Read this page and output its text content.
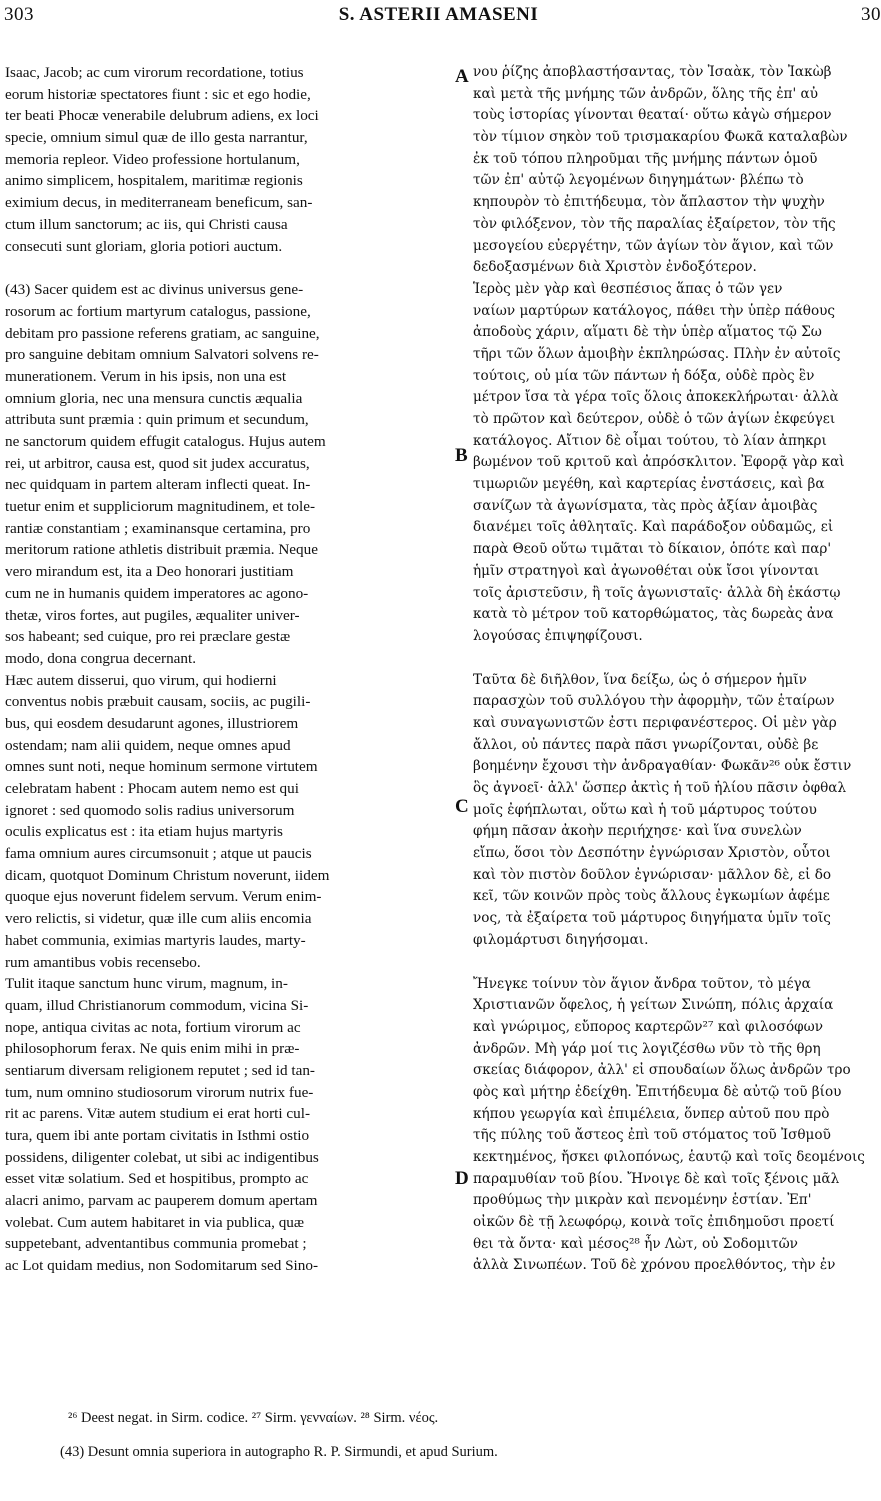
303	S. ASTERII AMASENI	30
Isaac, Jacob; ac cum virorum recordatione, totius
eorum historiæ spectatores fiunt : sic et ego hodie,
ter beati Phocæ venerabile delubrum adiens, ex loci
specie, omnium simul quæ de illo gesta narrantur,
memoria repleor. Video professione hortulanum,
animo simplicem, hospitalem, maritimæ regionis
eximium decus, in mediterraneam beneficum, san-
ctum illum sanctorum; ac iis, qui Christi causa
consecuti sunt gloriam, gloria potiori auctum.
(43) Sacer quidem est ac divinus universus gene-
rosorum ac fortium martyrum catalogus, passione,
debitam pro passione referens gratiam, ac sanguine,
pro sanguine debitam omnium Salvatori solvens re-
munerationem. Verum in his ipsis, non una est
omnium gloria, nec una mensura cunctis æqualia
attributa sunt præmia : quin primum et secundum,
ne sanctorum quidem effugit catalogus. Hujus autem
rei, ut arbitror, causa est, quod sit judex accuratus,
nec quidquam in partem alteram inflecti queat. In-
tuetur enim et suppliciorum magnitudinem, et tole-
rantiæ constantiam ; examinansque certamina, pro
meritorum ratione athletis distribuit præmia. Neque
vero mirandum est, ita a Deo honorari justitiam
cum ne in humanis quidem imperatores ac agono-
thetæ, viros fortes, aut pugiles, æqualiter univer-
sos habeant; sed cuique, pro rei præclare gestæ
modo, dona congrua decernant.
Hæc autem disserui, quo virum, qui hodierni
conventus nobis præbuit causam, sociis, ac pugili-
bus, qui eosdem desudarunt agones, illustriorem
ostendam; nam alii quidem, neque omnes apud
omnes sunt noti, neque hominum sermone virtutem
celebratam habent : Phocam autem nemo est qui
ignoret : sed quomodo solis radius universorum
oculis explicatus est : ita etiam hujus martyris
fama omnium aures circumsonuit ; atque ut paucis
dicam, quotquot Dominum Christum noverunt, iidem
quoque ejus noverunt fidelem servum. Verum enim-
vero relictis, si videtur, quæ ille cum aliis encomia
habet communia, eximias martyris laudes, marty-
rum amantibus vobis recensebo.
Tulit itaque sanctum hunc virum, magnum, in-
quam, illud Christianorum commodum, vicina Si-
nope, antiqua civitas ac nota, fortium virorum ac
philosophorum ferax. Ne quis enim mihi in præ-
sentiarum diversam religionem reputet ; sed id tan-
tum, num omnino studiosorum virorum nutrix fue-
rit ac parens. Vitæ autem studium ei erat horti cul-
tura, quem ibi ante portam civitatis in Isthmi ostio
possidens, diligenter colebat, ut sibi ac indigentibus
esset vitæ solatium. Sed et hospitibus, prompto ac
alacri animo, parvam ac pauperem domum apertam
volebat. Cum autem habitaret in via publica, quæ
suppetebant, adventantibus communia promebat ;
ac Lot quidam medius, non Sodomitarum sed Sino-
νου ῥίζης ἀποβλαστήσαντας, τὸν Ἰσαὰκ, τὸν Ἰακὼβ
καὶ μετὰ τῆς μνήμης τῶν ἀνδρῶν, ὅλης τῆς ἐπ' αὐ
τοὺς ἱστορίας γίνονται θεαταί· οὕτω κἀγὼ σήμερον
τὸν τίμιον σηκὸν τοῦ τρισμακαρίου Φωκᾶ καταλαβὼν
ἐκ τοῦ τόπου πληροῦμαι τῆς μνήμης πάντων ὁμοῦ
τῶν ἐπ' αὐτῷ λεγομένων διηγημάτων· βλέπω τὸ
κηπουρὸν τὸ ἐπιτήδευμα, τὸν ἄπλαστον τὴν ψυχὴν
τὸν φιλόξενον, τὸν τῆς παραλίας ἐξαίρετον, τὸν τῆς
μεσογείου εὐεργέτην, τῶν ἁγίων τὸν ἅγιον, καὶ τῶν
δεδοξασμένων διὰ Χριστὸν ἐνδοξότερον.
Ἱερὸς μὲν γὰρ καὶ θεσπέσιος ἅπας ὁ τῶν γεν
ναίων μαρτύρων κατάλογος, πάθει τὴν ὑπὲρ πάθους
ἀποδοὺς χάριν, αἵματι δὲ τὴν ὑπὲρ αἵματος τῷ Σω
τῆρι τῶν ὅλων ἀμοιβὴν ἐκπληρώσας. Πλὴν ἐν αὐτοῖς
τούτοις, οὐ μία τῶν πάντων ἡ δόξα, οὐδὲ πρὸς ἓν
μέτρον ἴσα τὰ γέρα τοῖς ὅλοις ἀποκεκλήρωται· ἀλλὰ
τὸ πρῶτον καὶ δεύτερον, οὐδὲ ὁ τῶν ἁγίων ἐκφεύγει
κατάλογος. Αἴτιον δὲ οἶμαι τούτου, τὸ λίαν ἀπηκρι
βωμένον τοῦ κριτοῦ καὶ ἀπρόσκλιτον. Ἐφορᾷ γὰρ καὶ
τιμωριῶν μεγέθη, καὶ καρτερίας ἐνστάσεις, καὶ βα
σανίζων τὰ ἀγωνίσματα, τὰς πρὸς ἀξίαν ἀμοιβὰς
διανέμει τοῖς ἀθληταῖς. Καὶ παράδοξον οὐδαμῶς, εἰ
παρὰ Θεοῦ οὕτω τιμᾶται τὸ δίκαιον, ὁπότε καὶ παρ'
ἡμῖν στρατηγοὶ καὶ ἀγωνοθέται οὐκ ἴσοι γίνονται
τοῖς ἀριστεῦσιν, ἢ τοῖς ἀγωνισταῖς· ἀλλὰ δὴ ἑκάστῳ
κατὰ τὸ μέτρον τοῦ κατορθώματος, τὰς δωρεὰς ἀνα
λογούσας ἐπιψηφίζουσι.
Ταῦτα δὲ διῆλθον, ἵνα δείξω, ὡς ὁ σήμερον ἡμῖν
παρασχὼν τοῦ συλλόγου τὴν ἀφορμὴν, τῶν ἑταίρων
καὶ συναγωνιστῶν ἐστι περιφανέστερος. Οἱ μὲν γὰρ
ἄλλοι, οὐ πάντες παρὰ πᾶσι γνωρίζονται, οὐδὲ βε
βοημένην ἔχουσι τὴν ἀνδραγαθίαν· Φωκᾶν²⁶ οὐκ ἔστιν
ὃς ἀγνοεῖ· ἀλλ' ὥσπερ ἀκτὶς ἡ τοῦ ἡλίου πᾶσιν ὀφθαλ
μοῖς ἐφήπλωται, οὕτω καὶ ἡ τοῦ μάρτυρος τούτου
φήμη πᾶσαν ἀκοὴν περιήχησε· καὶ ἵνα συνελὼν
εἴπω, ὅσοι τὸν Δεσπότην ἐγνώρισαν Χριστὸν, οὗτοι
καὶ τὸν πιστὸν δοῦλον ἐγνώρισαν· μᾶλλον δὲ, εἰ δο
κεῖ, τῶν κοινῶν πρὸς τοὺς ἄλλους ἐγκωμίων ἀφέμε
νος, τὰ ἐξαίρετα τοῦ μάρτυρος διηγήματα ὑμῖν τοῖς
φιλομάρτυσι διηγήσομαι.
Ἤνεγκε τοίνυν τὸν ἅγιον ἄνδρα τοῦτον, τὸ μέγα
Χριστιανῶν ὄφελος, ἡ γείτων Σινώπη, πόλις ἀρχαία
καὶ γνώριμος, εὔπορος καρτερῶν²⁷ καὶ φιλοσόφων
ἀνδρῶν. Μὴ γάρ μοί τις λογιζέσθω νῦν τὸ τῆς θρη
σκείας διάφορον, ἀλλ' εἰ σπουδαίων ὅλως ἀνδρῶν τρο
φὸς καὶ μήτηρ ἐδείχθη. Ἐπιτήδευμα δὲ αὐτῷ τοῦ βίου
κήπου γεωργία καὶ ἐπιμέλεια, ὅνπερ αὐτοῦ που πρὸ
τῆς πύλης τοῦ ἄστεος ἐπὶ τοῦ στόματος τοῦ Ἰσθμοῦ
κεκτημένος, ἤσκει φιλοπόνως, ἑαυτῷ καὶ τοῖς δεομένοις
παραμυθίαν τοῦ βίου. Ἤνοιγε δὲ καὶ τοῖς ξένοις μᾶλ
προθύμως τὴν μικρὰν καὶ πενομένην ἑστίαν. Ἐπ'
οἰκῶν δὲ τῇ λεωφόρῳ, κοινὰ τοῖς ἐπιδημοῦσι προετί
θει τὰ ὄντα· καὶ μέσος²⁸ ἦν Λὼτ, οὐ Σοδομιτῶν
ἀλλὰ Σινωπέων. Τοῦ δὲ χρόνου προελθόντος, τὴν ἐν
A
B
C
D
²⁶ Deest negat. in Sirm. codice. ²⁷ Sirm. γενναίων. ²⁸ Sirm. νέος.
(43) Desunt omnia superiora in autographo R. P. Sirmundi, et apud Surium.
